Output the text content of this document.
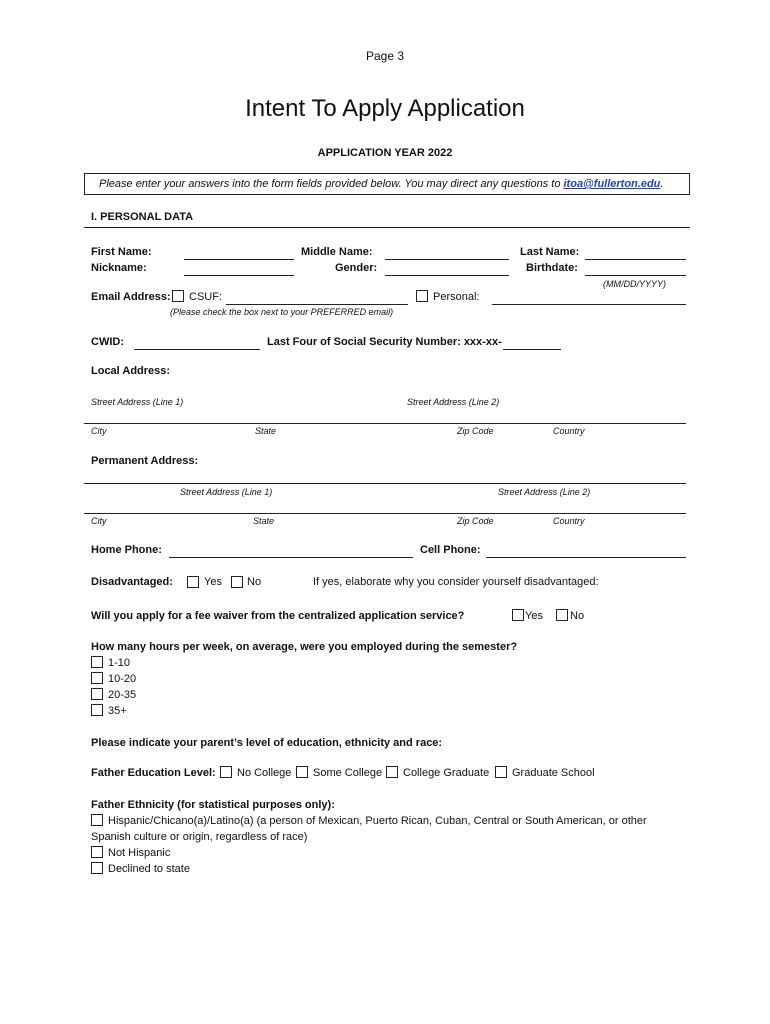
Page 3
Intent To Apply Application
APPLICATION YEAR 2022
Please enter your answers into the form fields provided below. You may direct any questions to itoa@fullerton.edu.
I. PERSONAL DATA
First Name:	Middle Name:	Last Name:
Nickname:	Gender:	Birthdate:
(MM/DD/YYYY)
Email Address: CSUF:	Personal:
(Please check the box next to your PREFERRED email)
CWID:	Last Four of Social Security Number: xxx-xx-
Local Address:
Street Address (Line 1)	Street Address (Line 2)
City	State	Zip Code	Country
Permanent Address:
Street Address (Line 1)	Street Address (Line 2)
City	State	Zip Code	Country
Home Phone:	Cell Phone:
Disadvantaged:	Yes No	If yes, elaborate why you consider yourself disadvantaged:
Will you apply for a fee waiver from the centralized application service?	Yes No
How many hours per week, on average, were you employed during the semester?
1-10
10-20
20-35
35+
Please indicate your parent’s level of education, ethnicity and race:
Father Education Level: No College Some College College Graduate Graduate School
Father Ethnicity (for statistical purposes only):
Hispanic/Chicano(a)/Latino(a) (a person of Mexican, Puerto Rican, Cuban, Central or South American, or other
Spanish culture or origin, regardless of race)
Not Hispanic
Declined to state
